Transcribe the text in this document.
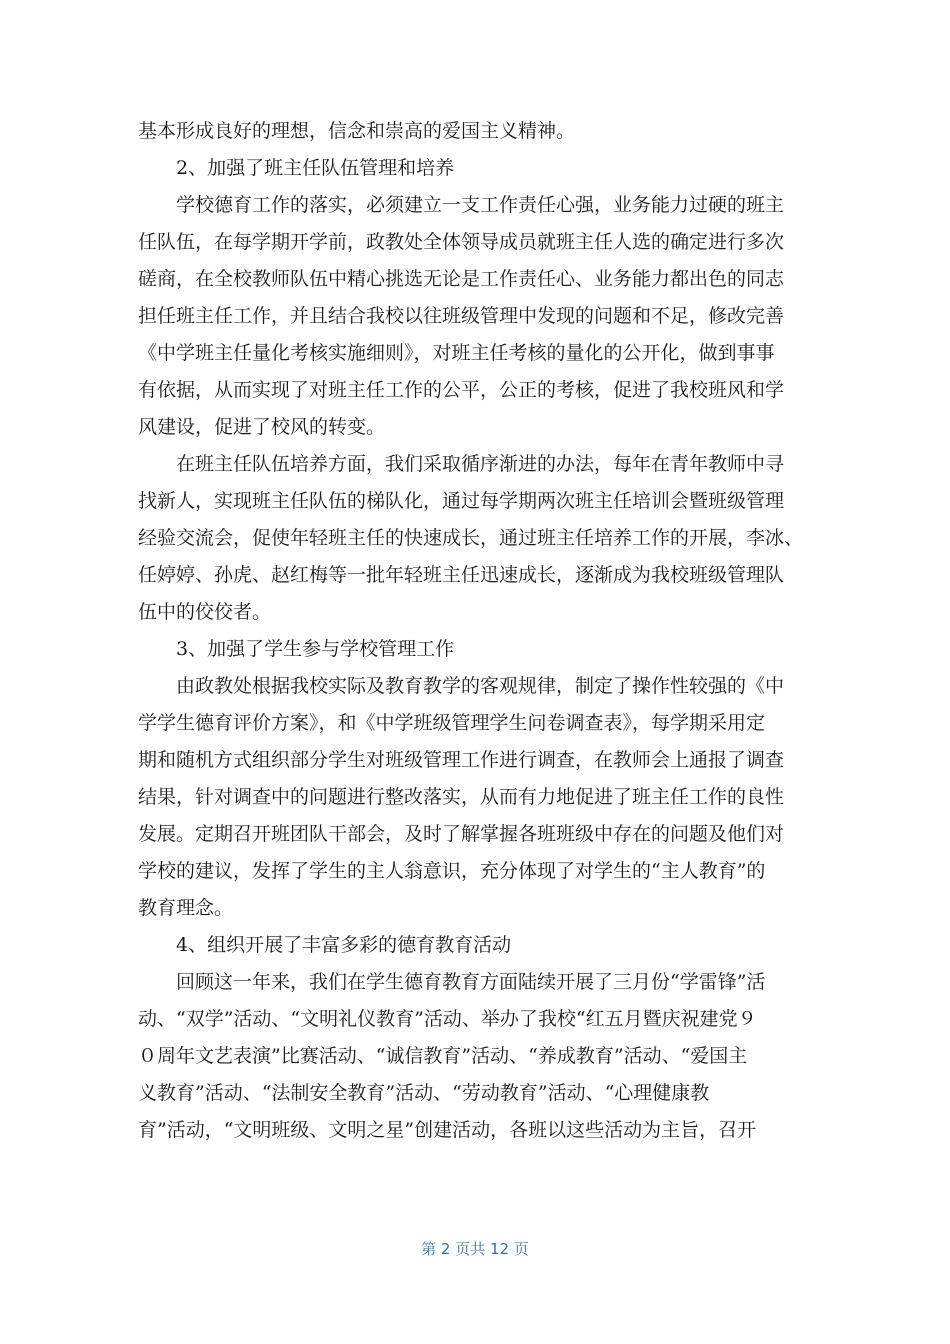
基本形成良好的理想，信念和崇高的爱国主义精神。
2、加强了班主任队伍管理和培养
学校德育工作的落实，必须建立一支工作责任心强，业务能力过硬的班主
任队伍，在每学期开学前，政教处全体领导成员就班主任人选的确定进行多次
磋商，在全校教师队伍中精心挑选无论是工作责任心、业务能力都出色的同志
担任班主任工作，并且结合我校以往班级管理中发现的问题和不足，修改完善
《中学班主任量化考核实施细则》，对班主任考核的量化的公开化，做到事事
有依据，从而实现了对班主任工作的公平，公正的考核，促进了我校班风和学
风建设，促进了校风的转变。
在班主任队伍培养方面，我们采取循序渐进的办法，每年在青年教师中寻
找新人，实现班主任队伍的梯队化，通过每学期两次班主任培训会暨班级管理
经验交流会，促使年轻班主任的快速成长，通过班主任培养工作的开展，李冰、
任婷婷、孙虎、赵红梅等一批年轻班主任迅速成长，逐渐成为我校班级管理队
伍中的佼佼者。
3、加强了学生参与学校管理工作
由政教处根据我校实际及教育教学的客观规律，制定了操作性较强的《中
学学生德育评价方案》，和《中学班级管理学生问卷调查表》，每学期采用定
期和随机方式组织部分学生对班级管理工作进行调查，在教师会上通报了调查
结果，针对调查中的问题进行整改落实，从而有力地促进了班主任工作的良性
发展。定期召开班团队干部会，及时了解掌握各班班级中存在的问题及他们对
学校的建议，发挥了学生的主人翁意识，充分体现了对学生的“主人教育”的
教育理念。
4、组织开展了丰富多彩的德育教育活动
回顾这一年来，我们在学生德育教育方面陆续开展了三月份“学雷锋”活
动、“双学”活动、“文明礼仪教育”活动、举办了我校“红五月暨庆祝建党９
０周年文艺表演”比赛活动、“诚信教育”活动、“养成教育”活动、“爱国主
义教育”活动、“法制安全教育”活动、“劳动教育”活动、“心理健康教
育”活动，“文明班级、文明之星”创建活动，各班以这些活动为主旨，召开
第 2 页共 12 页
